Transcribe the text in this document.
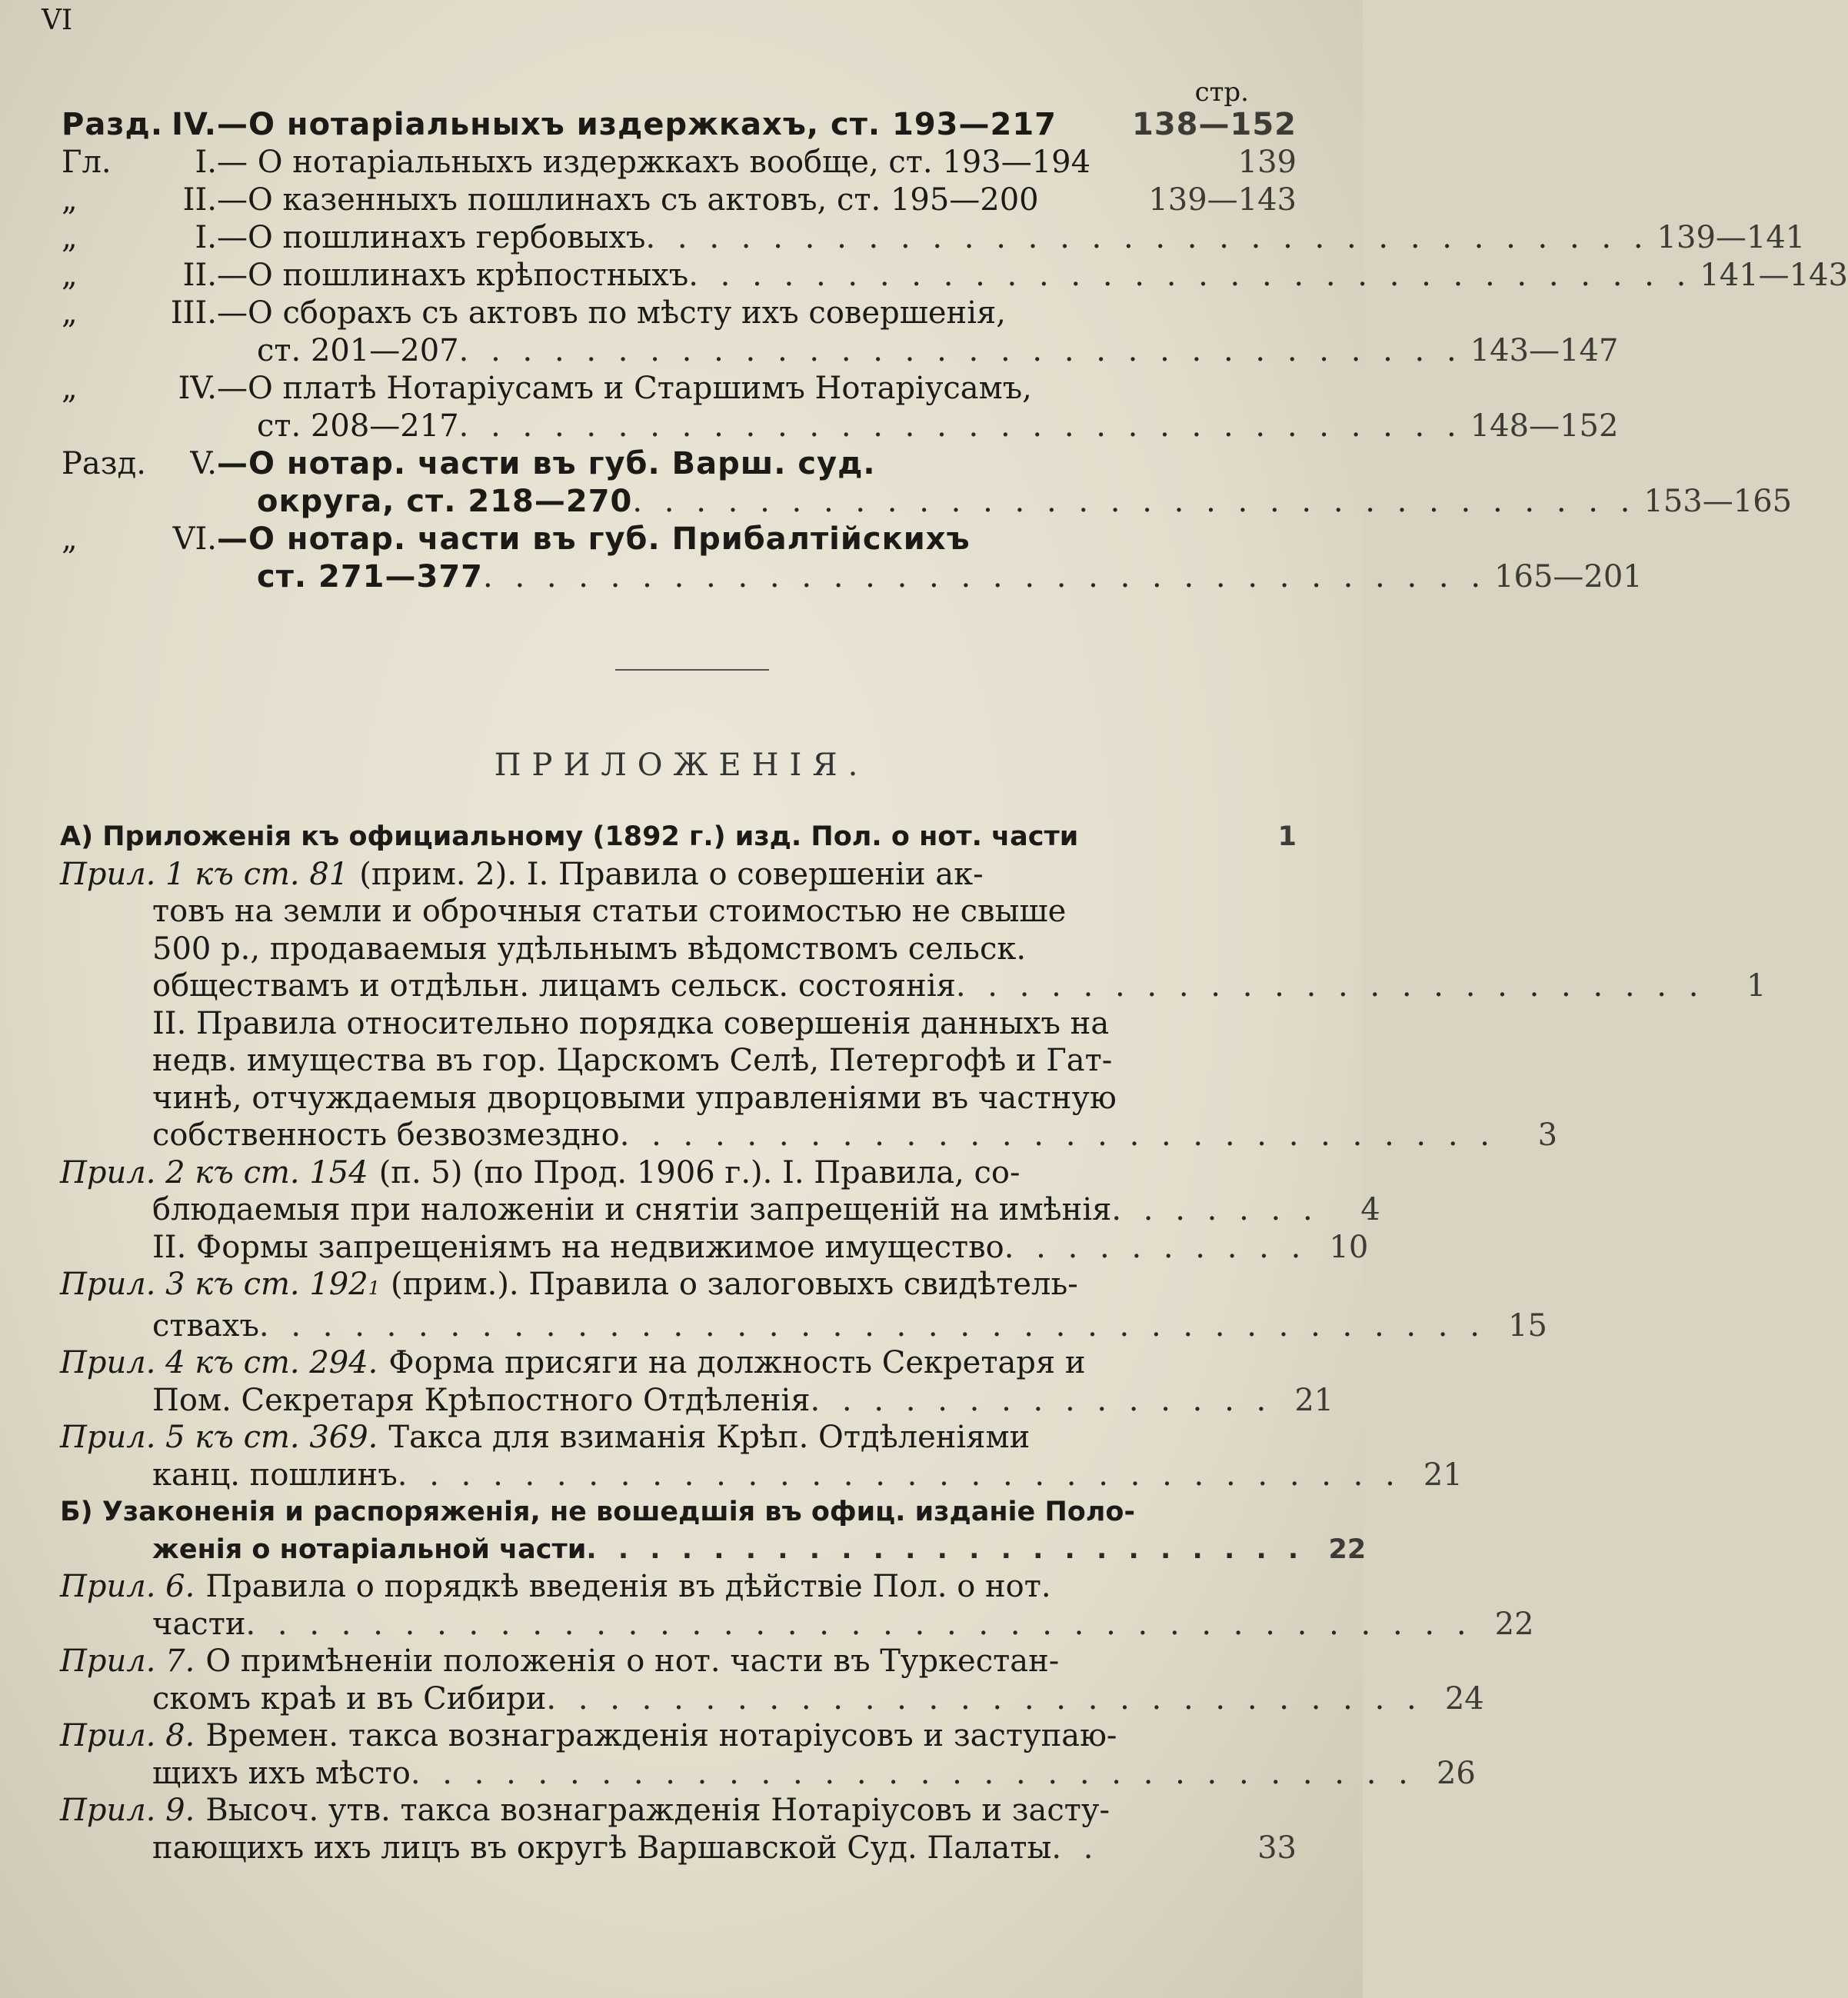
VI
стр.
Разд. IV. —О нотаріальныхъ издержкахъ, ст. 193—217	138—152
Гл.	I. — О нотаріальныхъ издержкахъ вообще, ст. 193—194	139
„	II. —О казенныхъ пошлинахъ съ актовъ, ст. 195—200	139—143
„	I. —О пошлинахъ гербовыхъ . . . . . . . . . . . . . . . . . . . . . . . . . . . . . . . . 139—141
„	II. —О пошлинахъ крѣпостныхъ . . . . . . . . . . . . . . . . . . . . . . . . . . . . . . . . 141—143
„	III. —О сборахъ съ актовъ по мѣсту ихъ совершенія,
ст. 201—207 . . . . . . . . . . . . . . . . . . . . . . . . . . . . . . . . 143—147
„	IV. —О платѣ Нотаріусамъ и Старшимъ Нотаріусамъ,
ст. 208—217 . . . . . . . . . . . . . . . . . . . . . . . . . . . . . . . . 148—152
Разд.	V. —О нотар. части въ губ. Варш. суд.
округа, ст. 218—270 . . . . . . . . . . . . . . . . . . . . . . . . . . . . . . . . 153—165
„	VI. —О нотар. части въ губ. Прибалтійскихъ
ст. 271—377 . . . . . . . . . . . . . . . . . . . . . . . . . . . . . . . . 165—201
ПРИЛОЖЕНІЯ.
А) Приложенія къ официальному (1892 г.) изд. Пол. о нот. части	1
Прил. 1 къ ст. 81 (прим. 2). I. Правила о совершеніи ак-
товъ на земли и оброчныя статьи стоимостью не свыше
500 р., продаваемыя удѣльнымъ вѣдомствомъ сельск.
обществамъ и отдѣльн. лицамъ сельск. состоянія . . . . . . . . . . . . . . . . . . . . . . . .	1
II. Правила относительно порядка совершенія данныхъ на
недв. имущества въ гор. Царскомъ Селѣ, Петергофѣ и Гат-
чинѣ, отчуждаемыя дворцовыми управленіями въ частную
собственность безвозмездно . . . . . . . . . . . . . . . . . . . . . . . . . . . .	3
Прил. 2 къ ст. 154 (п. 5) (по Прод. 1906 г.). I. Правила, со-
блюдаемыя при наложеніи и снятіи запрещеній на имѣнія . . . . . . .	4
II. Формы запрещеніямъ на недвижимое имущество . . . . . . . . . . 10
Прил. 3 къ ст. 192 1 (прим.). Правила о залоговыхъ свидѣтель-
ствахъ . . . . . . . . . . . . . . . . . . . . . . . . . . . . . . . . . . . . . . . 15
Прил. 4 къ ст. 294. Форма присяги на должность Секретаря и
Пом. Секретаря Крѣпостного Отдѣленія . . . . . . . . . . . . . . . 21
Прил. 5 къ ст. 369. Такса для взиманія Крѣп. Отдѣленіями
канц. пошлинъ . . . . . . . . . . . . . . . . . . . . . . . . . . . . . . . . 21
Б) Узаконенія и распоряженія, не вошедшія въ офиц. изданіе Поло-
женія о нотаріальной части . . . . . . . . . . . . . . . . . . . . . . . 22
Прил. 6. Правила о порядкѣ введенія въ дѣйствіе Пол. о нот.
части . . . . . . . . . . . . . . . . . . . . . . . . . . . . . . . . . . . . . . . 22
Прил. 7. О примѣненіи положенія о нот. части въ Туркестан-
скомъ краѣ и въ Сибири . . . . . . . . . . . . . . . . . . . . . . . . . . . . 24
Прил. 8. Времен. такса вознагражденія нотаріусовъ и заступаю-
щихъ ихъ мѣсто . . . . . . . . . . . . . . . . . . . . . . . . . . . . . . . . 26
Прил. 9. Высоч. утв. такса вознагражденія Нотаріусовъ и засту-
пающихъ ихъ лицъ въ округѣ Варшавской Суд. Палаты . .	33
